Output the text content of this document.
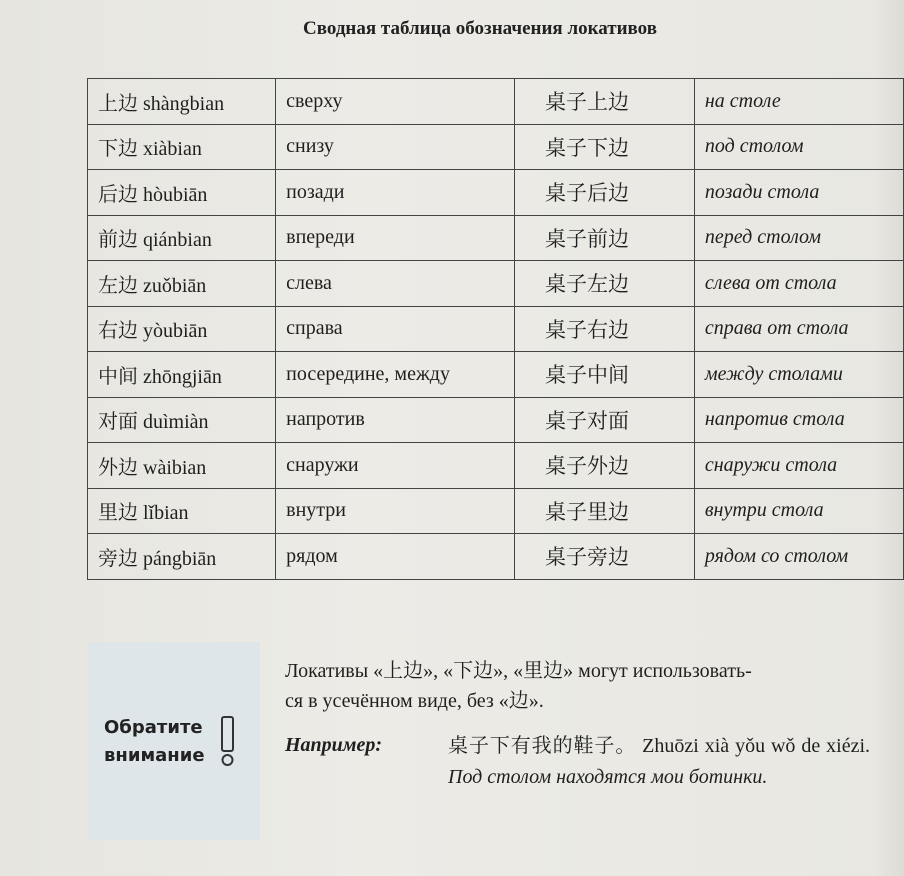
Сводная таблица обозначения локативов
上边 shàngbian	сверху	桌子上边	на столе
下边 xiàbian	снизу	桌子下边	под столом
后边 hòubiān	позади	桌子后边	позади стола
前边 qiánbian	впереди	桌子前边	перед столом
左边 zuǒbiān	слева	桌子左边	слева от стола
右边 yòubiān	справа	桌子右边	справа от стола
中间 zhōngjiān	посередине, между	桌子中间	между столами
对面 duìmiàn	напротив	桌子对面	напротив стола
外边 wàibian	снаружи	桌子外边	снаружи стола
里边 lǐbian	внутри	桌子里边	внутри стола
旁边 pángbiān	рядом	桌子旁边	рядом со столом
Обратите
внимание

Локативы «上边», «下边», «里边» могут использовать-

ся в усечённом виде, без «边».

Например:	桌子下有我的鞋子。 Zhuōzi xià yǒu wǒ de xiézi. Под столом находятся мои ботинки.
